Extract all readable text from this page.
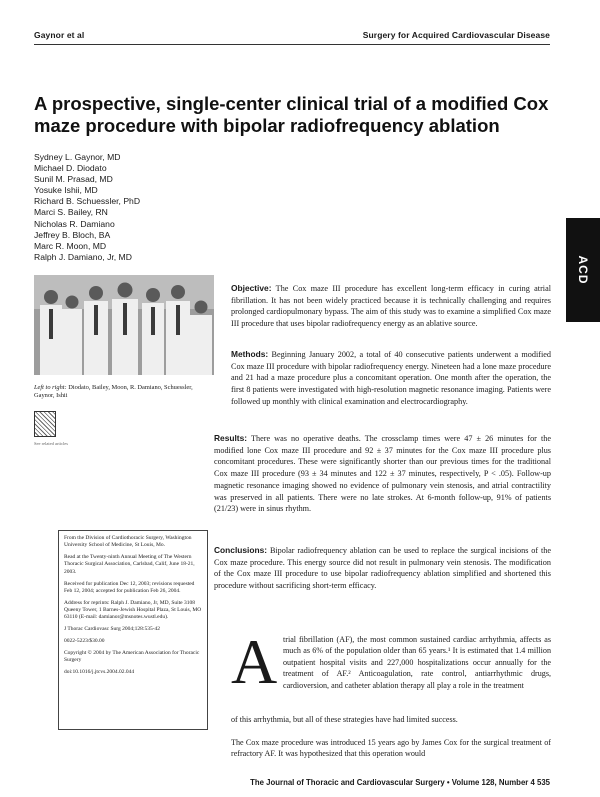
Gaynor et al	Surgery for Acquired Cardiovascular Disease
ACD
A prospective, single-center clinical trial of a modified Cox maze procedure with bipolar radiofrequency ablation
Sydney L. Gaynor, MD
Michael D. Diodato
Sunil M. Prasad, MD
Yosuke Ishii, MD
Richard B. Schuessler, PhD
Marci S. Bailey, RN
Nicholas R. Damiano
Jeffrey B. Bloch, BA
Marc R. Moon, MD
Ralph J. Damiano, Jr, MD

Left to right: Diodato, Bailey, Moon, R. Damiano, Schuessler, Gaynor, Ishii

See related articles

Objective: The Cox maze III procedure has excellent long-term efficacy in curing atrial fibrillation. It has not been widely practiced because it is technically challenging and requires prolonged cardiopulmonary bypass. The aim of this study was to examine a simplified Cox maze III procedure that uses bipolar radiofrequency energy as an ablative source.

Methods: Beginning January 2002, a total of 40 consecutive patients underwent a modified Cox maze III procedure with bipolar radiofrequency energy. Nineteen had a lone maze procedure and 21 had a maze procedure plus a concomitant operation. One month after the operation, the first 8 patients were investigated with high-resolution magnetic resonance imaging. Patients were followed up monthly with clinical examination and electrocardiography.

Results: There was no operative deaths. The crossclamp times were 47 ± 26 minutes for the modified lone Cox maze III procedure and 92 ± 37 minutes for the Cox maze III procedure plus concomitant procedures. These were significantly shorter than our previous times for the traditional Cox maze III procedure (93 ± 34 minutes and 122 ± 37 minutes, respectively, P < .05). Follow-up magnetic resonance imaging showed no evidence of pulmonary vein stenosis, and atrial contractility was preserved in all patients. There were no late strokes. At 6-month follow-up, 91% of patients (21/23) were in sinus rhythm.

Conclusions: Bipolar radiofrequency ablation can be used to replace the surgical incisions of the Cox maze procedure. This energy source did not result in pulmonary vein stenosis. The modification of the Cox maze III procedure to use bipolar radiofrequency ablation simplified and shortened this procedure without sacrificing short-term efficacy.

From the Division of Cardiothoracic Surgery, Washington University School of Medicine, St Louis, Mo.

Read at the Twenty-ninth Annual Meeting of The Western Thoracic Surgical Association, Carlsbad, Calif, June 18-21, 2003.

Received for publication Dec 12, 2003; revisions requested Feb 12, 2004; accepted for publication Feb 26, 2004.

Address for reprints: Ralph J. Damiano, Jr, MD, Suite 3108 Queeny Tower, 1 Barnes-Jewish Hospital Plaza, St Louis, MO 63110 (E-mail: damianor@msnotes.wustl.edu).

J Thorac Cardiovasc Surg 2004;128:535-42

0022-5223/$30.00

Copyright © 2004 by The American Association for Thoracic Surgery

doi:10.1016/j.jtcvs.2004.02.044	A trial fibrillation (AF), the most common sustained cardiac arrhythmia, affects as much as 6% of the population older than 65 years.¹ It is estimated that 1.4 million outpatient hospital visits and 227,000 hospitalizations occur annually for the treatment of AF.² Anticoagulation, rate control, antiarrhythmic drugs, cardioversion, and catheter ablation therapy all play a role in the treatment

of this arrhythmia, but all of these strategies have had limited success.

The Cox maze procedure was introduced 15 years ago by James Cox for the surgical treatment of refractory AF. It was hypothesized that this operation would

The Journal of Thoracic and Cardiovascular Surgery • Volume 128, Number 4 535
